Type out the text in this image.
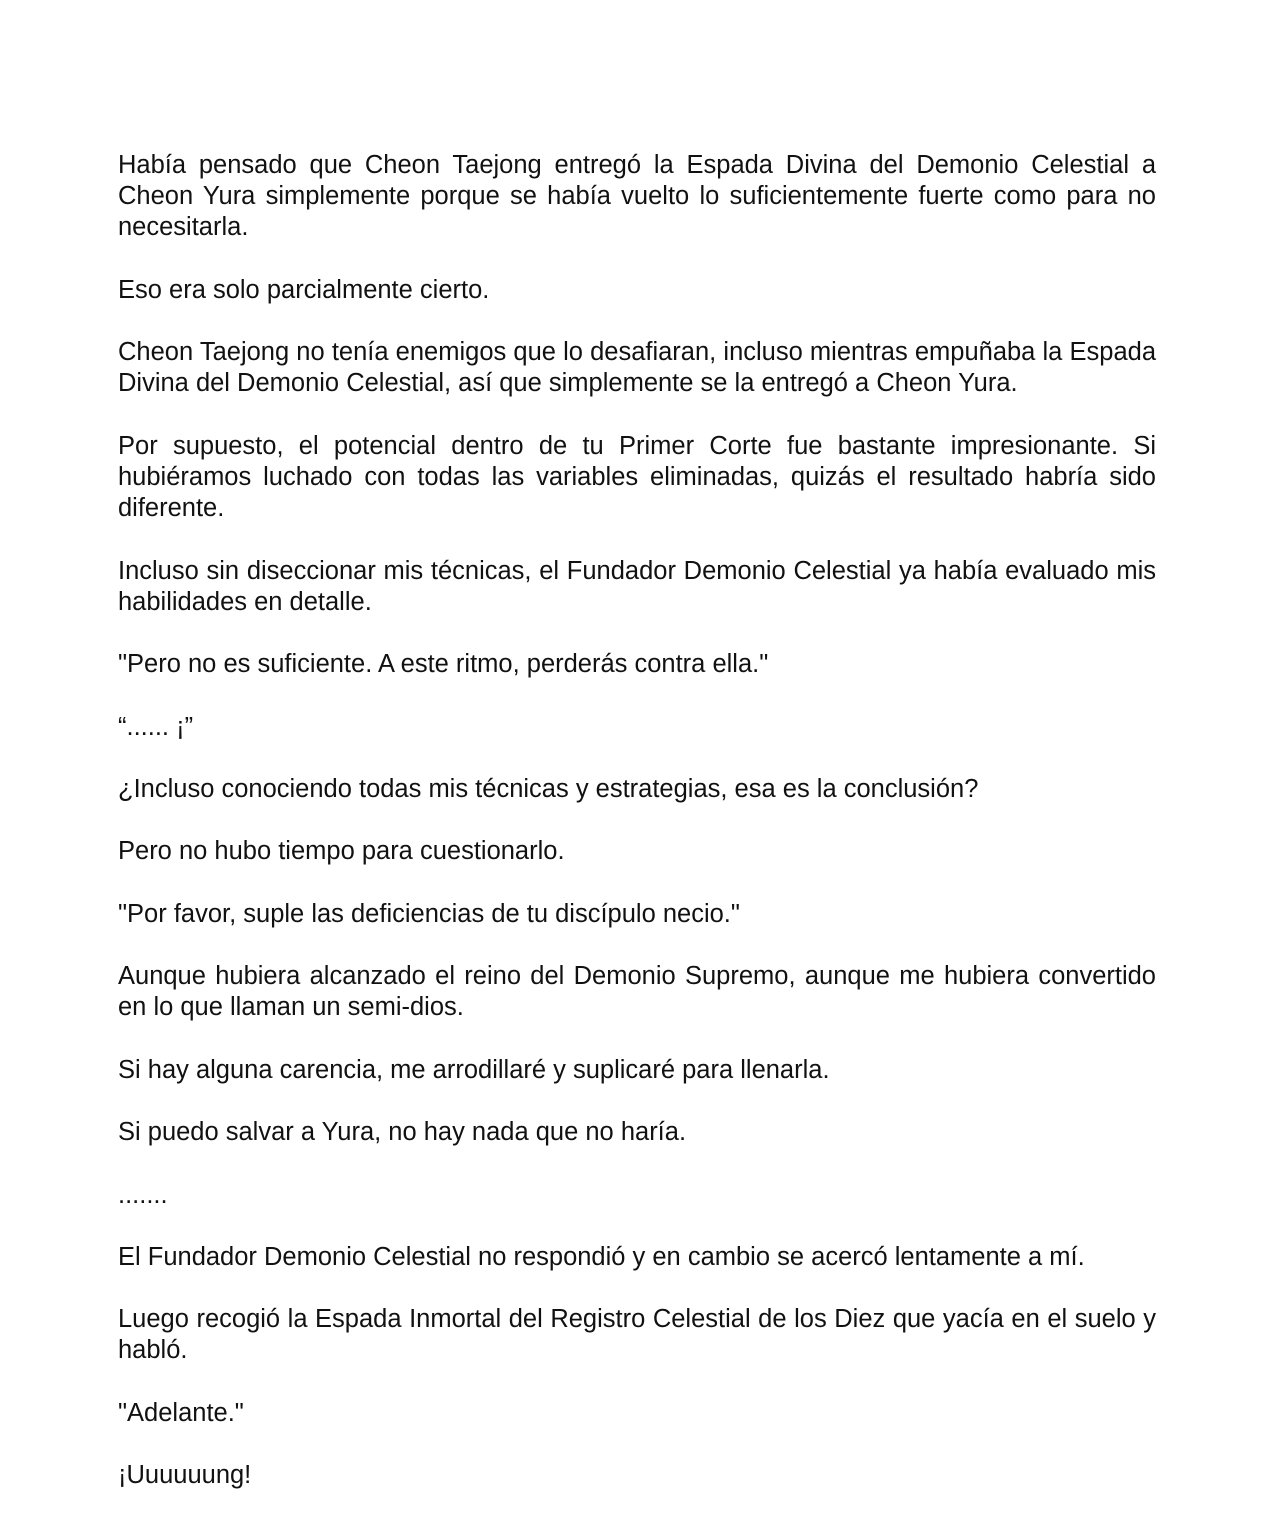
Había pensado que Cheon Taejong entregó la Espada Divina del Demonio Celestial a Cheon Yura simplemente porque se había vuelto lo suficientemente fuerte como para no necesitarla.

Eso era solo parcialmente cierto.

Cheon Taejong no tenía enemigos que lo desafiaran, incluso mientras empuñaba la Espada Divina del Demonio Celestial, así que simplemente se la entregó a Cheon Yura.

Por supuesto, el potencial dentro de tu Primer Corte fue bastante impresionante. Si hubiéramos luchado con todas las variables eliminadas, quizás el resultado habría sido diferente.

Incluso sin diseccionar mis técnicas, el Fundador Demonio Celestial ya había evaluado mis habilidades en detalle.

"Pero no es suficiente. A este ritmo, perderás contra ella."

“...... ¡”

¿Incluso conociendo todas mis técnicas y estrategias, esa es la conclusión?

Pero no hubo tiempo para cuestionarlo.

"Por favor, suple las deficiencias de tu discípulo necio."

Aunque hubiera alcanzado el reino del Demonio Supremo, aunque me hubiera convertido en lo que llaman un semi-dios.

Si hay alguna carencia, me arrodillaré y suplicaré para llenarla.

Si puedo salvar a Yura, no hay nada que no haría.

.......

El Fundador Demonio Celestial no respondió y en cambio se acercó lentamente a mí.

Luego recogió la Espada Inmortal del Registro Celestial de los Diez que yacía en el suelo y habló.

"Adelante."

¡Uuuuuung!
